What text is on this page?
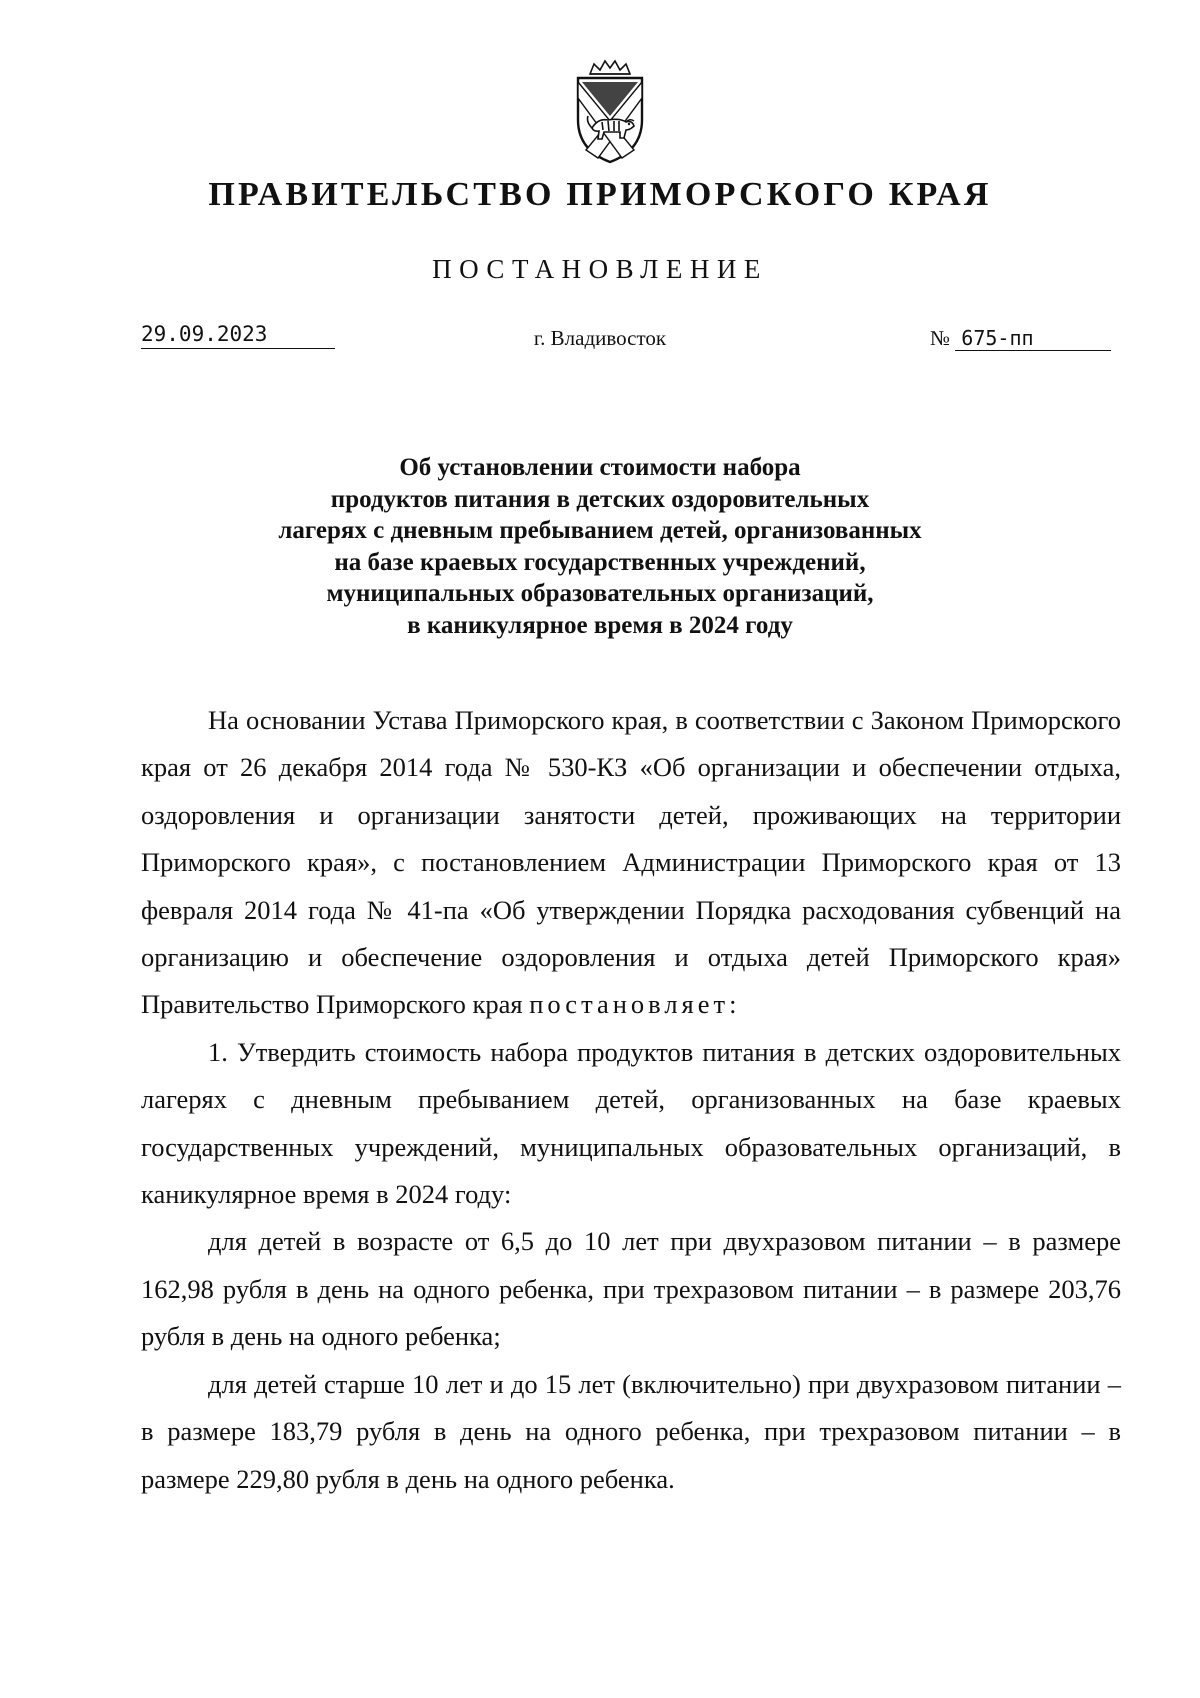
ПРАВИТЕЛЬСТВО ПРИМОРСКОГО КРАЯ
ПОСТАНОВЛЕНИЕ
29.09.2023	г. Владивосток	№ 675-пп
Об установлении стоимости набора
продуктов питания в детских оздоровительных
лагерях с дневным пребыванием детей, организованных
на базе краевых государственных учреждений,
муниципальных образовательных организаций,
в каникулярное время в 2024 году

На основании Устава Приморского края, в соответствии с Законом Приморского края от 26 декабря 2014 года № 530-КЗ «Об организации и обеспечении отдыха, оздоровления и организации занятости детей, проживающих на территории Приморского края», с постановлением Администрации Приморского края от 13 февраля 2014 года № 41-па «Об утверждении Порядка расходования субвенций на организацию и обеспечение оздоровления и отдыха детей Приморского края» Правительство Приморского края постановляет:

1. Утвердить стоимость набора продуктов питания в детских оздоровительных лагерях с дневным пребыванием детей, организованных на базе краевых государственных учреждений, муниципальных образовательных организаций, в каникулярное время в 2024 году:

для детей в возрасте от 6,5 до 10 лет при двухразовом питании – в размере 162,98 рубля в день на одного ребенка, при трехразовом питании – в размере 203,76 рубля в день на одного ребенка;

для детей старше 10 лет и до 15 лет (включительно) при двухразовом питании – в размере 183,79 рубля в день на одного ребенка, при трехразовом питании – в размере 229,80 рубля в день на одного ребенка.
